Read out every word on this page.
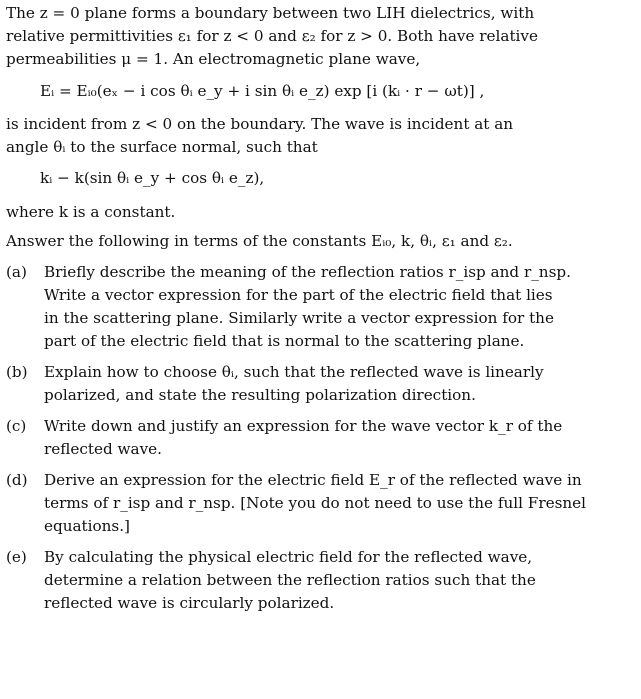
The z = 0 plane forms a boundary between two LIH dielectrics, with
relative permittivities ε₁ for z < 0 and ε₂ for z > 0. Both have relative
permeabilities μ = 1. An electromagnetic plane wave,

Eᵢ = Eᵢ₀(eₓ − i cos θᵢ e_y + i sin θᵢ e_z) exp [i (kᵢ · r − ωt)] ,

is incident from z < 0 on the boundary. The wave is incident at an
angle θᵢ to the surface normal, such that

kᵢ − k(sin θᵢ e_y + cos θᵢ e_z),

where k is a constant.

Answer the following in terms of the constants Eᵢ₀, k, θᵢ, ε₁ and ε₂.

(a)	Briefly describe the meaning of the reflection ratios r_isp and r_nsp.
Write a vector expression for the part of the electric field that lies
in the scattering plane. Similarly write a vector expression for the
part of the electric field that is normal to the scattering plane.
(b)	Explain how to choose θᵢ, such that the reflected wave is linearly
polarized, and state the resulting polarization direction.
(c)	Write down and justify an expression for the wave vector k_r of the
reflected wave.
(d)	Derive an expression for the electric field E_r of the reflected wave in
terms of r_isp and r_nsp. [Note you do not need to use the full Fresnel
equations.]
(e)	By calculating the physical electric field for the reflected wave,
determine a relation between the reflection ratios such that the
reflected wave is circularly polarized.
